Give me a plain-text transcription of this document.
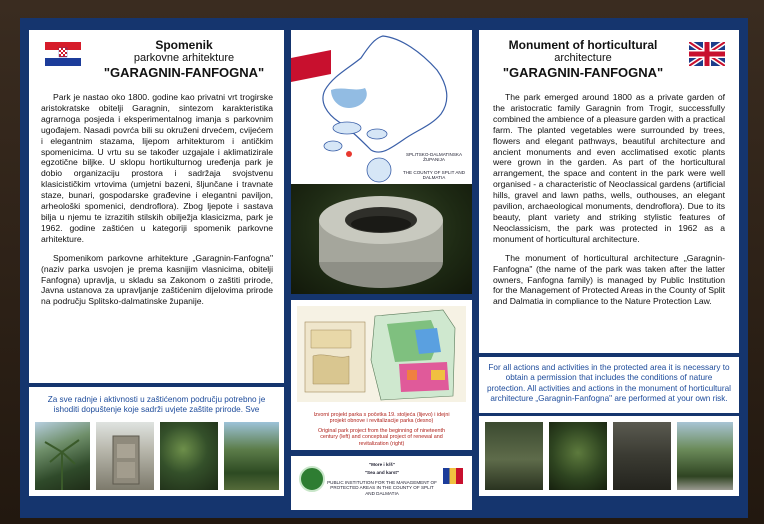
Spomenik
parkovne arhitekture
"GARAGNIN-FANFOGNA"

Park je nastao oko 1800. godine kao privatni vrt trogirske aristokratske obitelji Garagnin, sintezom karakteristika agrarnoga posjeda i eksperimentalnog imanja s parkovnim ugođajem. Nasadi povrća bili su okruženi drvećem, cvijećem i elegantnim stazama, lijepom arhitekturom i antičkim spomenicima. U vrtu su se također uzgajale i aklimatizirale egzotične biljke. U sklopu hortikulturnog uređenja park je dobio organizaciju prostora i sadržaja svojstvenu klasicističkim vrtovima (umjetni bazeni, šljunčane i travnate staze, bunari, gospodarske građevine i elegantni paviljon, arheološki spomenici, dendroflora). Zbog ljepote i sastava bilja u njemu te izrazitih stilskih obilježja klasicizma, park je 1962. godine zaštićen u kategoriji spomenik parkovne arhitekture.

Spomenikom parkovne arhitekture „Garagnin-Fanfogna" (naziv parka usvojen je prema kasnijim vlasnicima, obitelji Fanfogna) upravlja, u skladu sa Zakonom o zaštiti prirode, Javna ustanova za upravljanje zaštićenim dijelovima prirode na području Splitsko-dalmatinske županije.

Za sve radnje i aktivnosti u zaštićenom području potrebno je ishoditi dopuštenje koje sadrži uvjete zaštite prirode. Sve
SPLITSKO-DALMATINSKA ŽUPANIJA
THE COUNTY OF SPLIT AND DALMATIA
Izvorni projekt parka s početka 19. stoljeća (lijevo) i idejni projekt obnove i revitalizacije parka (desno)
Original park project from the beginning of nineteenth century (left) and conceptual project of renewal and revitalization (right)
"More i kŕš"
"Sea and karst"
PUBLIC INSTITUTION FOR THE MANAGEMENT OF PROTECTED AREAS IN THE COUNTY OF SPLIT AND DALMATIA
Monument of horticultural
architecture
"GARAGNIN-FANFOGNA"

The park emerged around 1800 as a private garden of the aristocratic family Garagnin from Trogir, successfully combined the ambience of a pleasure garden with a practical farm. The planted vegetables were surrounded by trees, flowers and elegant pathways, beautiful architecture and ancient monuments and even acclimatised exotic plants were grown in the garden. As part of the horticultural arrangement, the space and content in the park were well organised - a characteristic of Neoclassical gardens (artificial hills, gravel and lawn paths, wells, outhouses, an elegant pavilion, archaeological monuments, dendroflora). Due to its beauty, plant variety and striking stylistic features of Neoclassicism, the park was protected in 1962 as a monument of horticultural architecture.

The monument of horticultural architecture „Garagnin-Fanfogna" (the name of the park was taken after the latter owners, Fanfogna family) is managed by Public Institution for the Management of Protected Areas in the County of Split and Dalmatia in compliance to the Nature Protection Law.

For all actions and activities in the protected area it is necessary to obtain a permission that includes the conditions of nature protection. All activities and actions in the monument of horticultural architecture „Garagnin-Fanfogna" are performed at your own risk.
